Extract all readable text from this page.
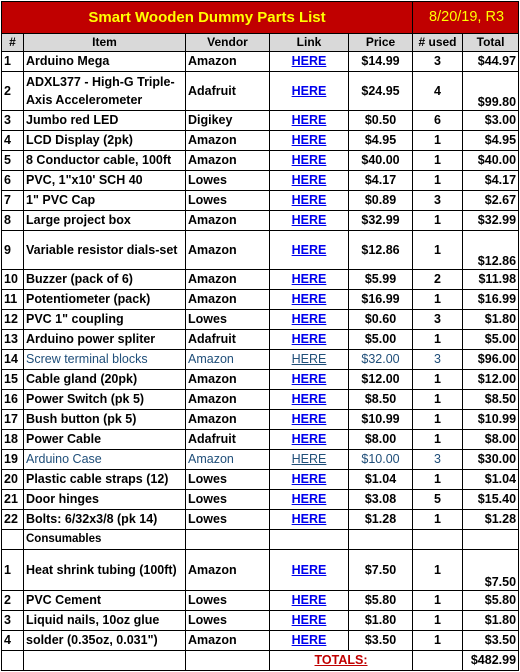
Smart Wooden Dummy Parts List					8/20/19, R3	
#	Item	Vendor	Link	Price	# used	Total
1	Arduino Mega	Amazon	HERE	$14.99	3	$44.97
2	ADXL377 - High-G Triple-Axis Accelerometer	Adafruit	HERE	$24.95	4	$99.80
3	Jumbo red LED	Digikey	HERE	$0.50	6	$3.00
4	LCD Display (2pk)	Amazon	HERE	$4.95	1	$4.95
5	8 Conductor cable, 100ft	Amazon	HERE	$40.00	1	$40.00
6	PVC, 1"x10' SCH 40	Lowes	HERE	$4.17	1	$4.17
7	1" PVC Cap	Lowes	HERE	$0.89	3	$2.67
8	Large project box	Amazon	HERE	$32.99	1	$32.99
9	Variable resistor dials-set	Amazon	HERE	$12.86	1	$12.86
10	Buzzer (pack of 6)	Amazon	HERE	$5.99	2	$11.98
11	Potentiometer (pack)	Amazon	HERE	$16.99	1	$16.99
12	PVC 1" coupling	Lowes	HERE	$0.60	3	$1.80
13	Arduino power spliter	Adafruit	HERE	$5.00	1	$5.00
14	Screw terminal blocks	Amazon	HERE	$32.00	3	$96.00
15	Cable gland (20pk)	Amazon	HERE	$12.00	1	$12.00
16	Power Switch (pk 5)	Amazon	HERE	$8.50	1	$8.50
17	Bush button (pk 5)	Amazon	HERE	$10.99	1	$10.99
18	Power Cable	Adafruit	HERE	$8.00	1	$8.00
19	Arduino Case	Amazon	HERE	$10.00	3	$30.00
20	Plastic cable straps (12)	Lowes	HERE	$1.04	1	$1.04
21	Door hinges	Lowes	HERE	$3.08	5	$15.40
22	Bolts: 6/32x3/8 (pk 14)	Lowes	HERE	$1.28	1	$1.28
	Consumables					
1	Heat shrink tubing (100ft)	Amazon	HERE	$7.50	1	$7.50
2	PVC Cement	Lowes	HERE	$5.80	1	$5.80
3	Liquid nails, 10oz glue	Lowes	HERE	$1.80	1	$1.80
4	solder (0.35oz, 0.031")	Amazon	HERE	$3.50	1	$3.50
			TOTALS:			$482.99
